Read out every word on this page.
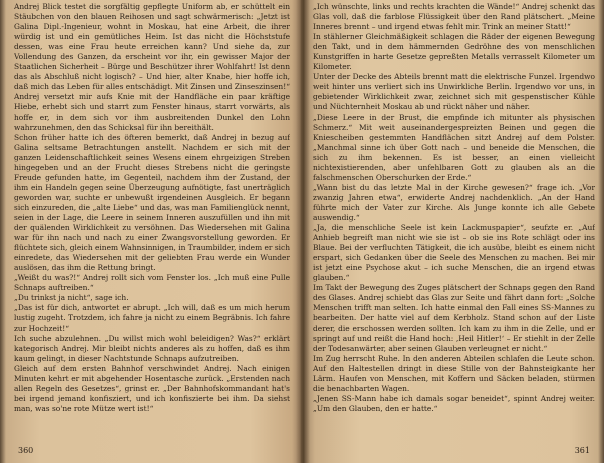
Andrej Blick testet die sorgfältig gepflegte Uniform ab, er schüttelt ein Stäubchen von den blauen Reihosen und sagt schwärmerisch: „Jetzt ist Galina Dipl.-Ingenieur, wohnt in Moskau, hat eine Arbeit, die ihrer würdig ist und ein gemütliches Heim. Ist das nicht die Höchststufe dessen, was eine Frau heute erreichen kann? Und siehe da, zur Vollendung des Ganzen, da erscheint vor ihr, ein gewisser Major der Staatlichen Sicherheit – Bürge und Beschützer ihrer Wohlfahrt! Ist denn das als Abschluß nicht logisch? – Und hier, alter Knabe, hier hoffe ich, daß mich das Leben für alles entschädigt. Mit Zinsen und Zinseszinsen!“ Andrej versetzt mir aufs Knie mit der Handfläche ein paar kräftige Hiebe, erhebt sich und starrt zum Fenster hinaus, starrt vorwärts, als hoffe er, in dem sich vor ihm ausbreitenden Dunkel den Lohn wahrzunehmen, den das Schicksal für ihn bereithält.

Schon früher hatte ich des öfteren bemerkt, daß Andrej in bezug auf Galina seltsame Betrachtungen anstellt. Nachdem er sich mit der ganzen Leidenschaftlichkeit seines Wesens einem ehrgeizigen Streben hingegeben und an der Frucht dieses Strebens nicht die geringste Freude gefunden hatte, im Gegenteil, nachdem ihm der Zustand, der ihm ein Handeln gegen seine Überzeugung aufnötigte, fast unerträglich geworden war, suchte er unbewußt irgendeinen Ausgleich. Er begann sich einzureden, die „alte Liebe“ und das, was man Familienglück nennt, seien in der Lage, die Leere in seinem Inneren auszufüllen und ihn mit der quälenden Wirklichkeit zu versöhnen. Das Wiedersehen mit Galina war für ihn nach und nach zu einer Zwangsvorstellung geworden. Er flüchtete sich, gleich einem Wahnsinnigen, in Traumbilder, indem er sich einredete, das Wiedersehen mit der geliebten Frau werde ein Wunder auslösen, das ihm die Rettung bringt.

„Weißt du was?!“ Andrej rollt sich vom Fenster los. „Ich muß eine Pulle Schnaps auftreiben.“

„Du trinkst ja nicht“, sage ich.

„Das ist für dich, antwortet er abrupt. „Ich will, daß es um mich herum lustig zugeht. Trotzdem, ich fahre ja nicht zu einem Begräbnis. Ich fahre zur Hochzeit!“

Ich suche abzulehnen. „Du willst mich wohl beleidigen? Was?“ erklärt kategorisch Andrej. Mir bleibt nichts anderes als zu hoffen, daß es ihm kaum gelingt, in dieser Nachtstunde Schnaps aufzutreiben.

Gleich auf dem ersten Bahnhof verschwindet Andrej. Nach einigen Minuten kehrt er mit abgehender Hosentasche zurück. „Erstenden nach allen Regeln des Gesetzes“, grinst er. „Der Bahnhofskommandant hat's bei irgend jemand konfisziert, und ich konfiszierte bei ihm. Da siehst man, was so'ne rote Mütze wert ist!“

360

„Ich wünschte, links und rechts krachten die Wände!“ Andrej schenkt das Glas voll, daß die farblose Flüssigkeit über den Rand plätschert. „Meine Inneres brennt – und irgend etwas fehlt mir. Trink an meiner Statt!“

In stählerner Gleichmäßigkeit schlagen die Räder der eigenen Bewegung den Takt, und in dem hämmernden Gedröhne des von menschlichen Kunstgriffen in harte Gesetze gepreßten Metalls verrasselt Kilometer um Kilometer.

Unter der Decke des Abteils brennt matt die elektrische Funzel. Irgendwo weit hinter uns verliert sich ins Unwirkliche Berlin. Irgendwo vor uns, in gebietender Wirklichkeit zwar, zeichnet sich mit gespenstischer Kühle und Nüchternheit Moskau ab und rückt näher und näher.

„Diese Leere in der Brust, die empfinde ich mitunter als physischen Schmerz.“ Mit weit auseinandergespreizten Beinen und gegen die Kniescheiben gestemmten Handflächen sitzt Andrej auf dem Polster. „Manchmal sinne ich über Gott nach – und beneide die Menschen, die sich zu ihm bekennen. Es ist besser, an einen vielleicht nichtexistierenden, aber unfehlbaren Gott zu glauben als an die falschmenschen Oberschurken der Erde.“

„Wann bist du das letzte Mal in der Kirche gewesen?“ frage ich. „Vor zwanzig Jahren etwa“, erwiderte Andrej nachdenklich. „An der Hand führte mich der Vater zur Kirche. Als Junge konnte ich alle Gebete auswendig.“

„Ja, die menschliche Seele ist kein Lackmuspapier“, seufzte er. „Auf Anhieb begreift man nicht wie sie ist – ob sie ins Rote schlägt oder ins Blaue. Bei der verfluchten Tätigkeit, die ich ausübe, bleibt es einem nicht erspart, sich Gedanken über die Seele des Menschen zu machen. Bei mir ist jetzt eine Psychose akut – ich suche Menschen, die an irgend etwas glauben.“

Im Takt der Bewegung des Zuges plätschert der Schnaps gegen den Rand des Glases. Andrej schiebt das Glas zur Seite und fährt dann fort: „Solche Menschen trifft man selten. Ich hatte einmal den Fall eines SS-Mannes zu bearbeiten. Der hatte viel auf dem Kerbholz. Stand schon auf der Liste derer, die erschossen werden sollten. Ich kam zu ihm in die Zelle, und er springt auf und reißt die Hand hoch: ‚Heil Hitler!‘ – Er stiehlt in der Zelle der Todesanwärter, aber seinen Glauben verleugnet er nicht.“

Im Zug herrscht Ruhe. In den anderen Abteilen schlafen die Leute schon. Auf den Haltestellen dringt in diese Stille von der Bahnsteigkante her Lärm. Haufen von Menschen, mit Koffern und Säcken beladen, stürmen die benachbarten Wagen.

„Jenen SS-Mann habe ich damals sogar beneidet“, spinnt Andrej weiter. „Um den Glauben, den er hatte.“

361
